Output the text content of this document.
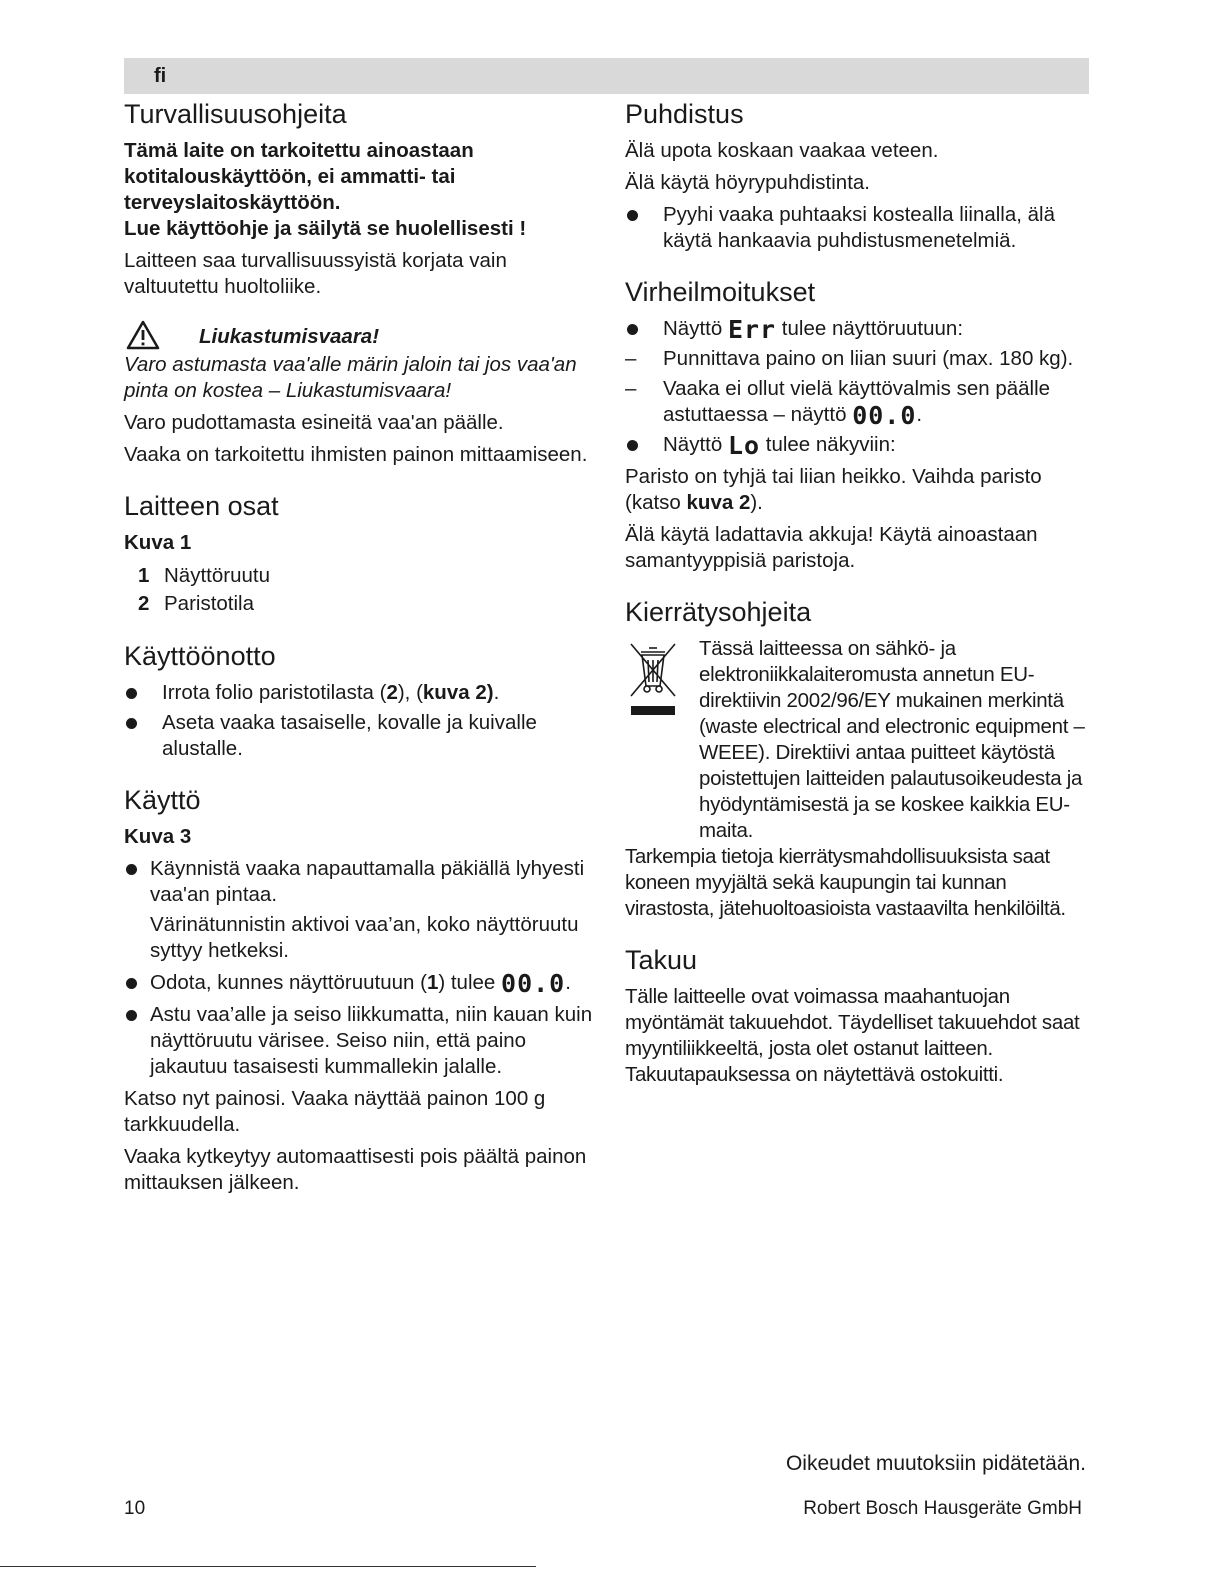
fi
Turvallisuusohjeita
Tämä laite on tarkoitettu ainoastaan
kotitalouskäyttöön, ei ammatti- tai
terveyslaitoskäyttöön.
Lue käyttöohje ja säilytä se huolellisesti !

Laitteen saa turvallisuussyistä korjata vain valtuutettu huoltoliike.

Liukastumisvaara!

Varo astumasta vaa'alle märin jaloin tai jos vaa'an pinta on kostea – Liukastumisvaara!

Varo pudottamasta esineitä vaa'an päälle.

Vaaka on tarkoitettu ihmisten painon mittaamiseen.

Laitteen osat
Kuva 1
1 Näyttöruutu
2 Paristotila
Käyttöönotto
Irrota folio paristotilasta (2), (kuva 2).
Aseta vaaka tasaiselle, kovalle ja kuivalle alustalle.
Käyttö
Kuva 3
Käynnistä vaaka napauttamalla päkiällä lyhyesti vaa'an pintaa.
Värinätunnistin aktivoi vaa’an, koko näyttöruutu syttyy hetkeksi.
Odota, kunnes näyttöruutuun (1) tulee 00.0.
Astu vaa’alle ja seiso liikkumatta, niin kauan kuin näyttöruutu värisee. Seiso niin, että paino jakautuu tasaisesti kummallekin jalalle.

Katso nyt painosi. Vaaka näyttää painon 100 g tarkkuudella.

Vaaka kytkeytyy automaattisesti pois päältä painon mittauksen jälkeen.

Puhdistus

Älä upota koskaan vaakaa veteen.

Älä käytä höyrypuhdistinta.

Pyyhi vaaka puhtaaksi kostealla liinalla, älä käytä hankaavia puhdistusmenetelmiä.
Virheilmoitukset
Näyttö Err tulee näyttöruutuun:
–	Punnittava paino on liian suuri (max. 180 kg).
–	Vaaka ei ollut vielä käyttövalmis sen päälle astuttaessa – näyttö 00.0.
Näyttö Lo tulee näkyviin:

Paristo on tyhjä tai liian heikko. Vaihda paristo (katso kuva 2).

Älä käytä ladattavia akkuja! Käytä ainoastaan samantyyppisiä paristoja.

Kierrätysohjeita

Tässä laitteessa on sähkö- ja elektroniikkalaiteromusta annetun EU-direktiivin 2002/96/EY mukainen merkintä (waste electrical and electronic equipment – WEEE). Direktiivi antaa puitteet käytöstä poistettujen laitteiden palautusoikeudesta ja hyödyntämisestä ja se koskee kaikkia EU-maita.

Tarkempia tietoja kierrätysmahdollisuuksista saat koneen myyjältä sekä kaupungin tai kunnan virastosta, jätehuoltoasioista vastaavilta henkilöiltä.

Takuu

Tälle laitteelle ovat voimassa maahantuojan myöntämät takuuehdot. Täydelliset takuuehdot saat myyntiliikkeeltä, josta olet ostanut laitteen. Takuutapauksessa on näytettävä ostokuitti.

Oikeudet muutoksiin pidätetään.
10	Robert Bosch Hausgeräte GmbH
